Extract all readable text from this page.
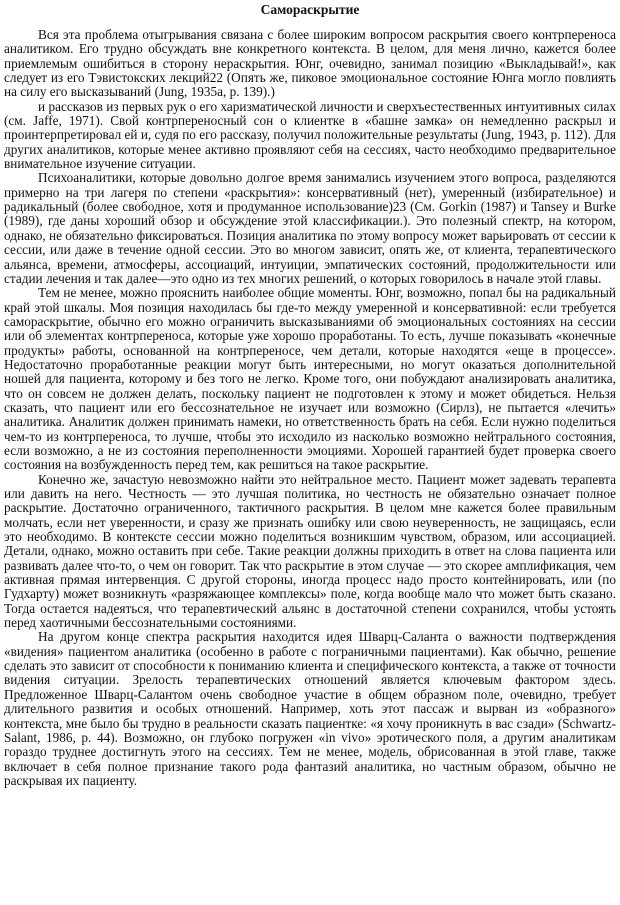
Самораскрытие

Вся эта проблема отыгрывания связана с более широким вопросом раскрытия своего контрпереноса аналитиком. Его трудно обсуждать вне конкретного контекста. В целом, для меня лично, кажется более приемлемым ошибиться в сторону нераскрытия. Юнг, очевидно, занимал позицию «Выкладывай!», как следует из его Тэвистокских лекций22 (Опять же, пиковое эмоциональное состояние Юнга могло повлиять на силу его высказываний (Jung, 1935a, p. 139).)

и рассказов из первых рук о его харизматической личности и сверхъестественных интуитивных силах (см. Jaffe, 1971). Свой контрпереносный сон о клиентке в «башне замка» он немедленно раскрыл и проинтерпретировал ей и, судя по его рассказу, получил положительные результаты (Jung, 1943, p. 112). Для других аналитиков, которые менее активно проявляют себя на сессиях, часто необходимо предварительное внимательное изучение ситуации.

Психоаналитики, которые довольно долгое время занимались изучением этого вопроса, разделяются примерно на три лагеря по степени «раскрытия»: консервативный (нет), умеренный (избирательное) и радикальный (более свободное, хотя и продуманное использование)23 (См. Gorkin (1987) и Tansey и Burke (1989), где даны хороший обзор и обсуждение этой классификации.). Это полезный спектр, на котором, однако, не обязательно фиксироваться. Позиция аналитика по этому вопросу может варьировать от сессии к сессии, или даже в течение одной сессии. Это во многом зависит, опять же, от клиента, терапевтического альянса, времени, атмосферы, ассоциаций, интуиции, эмпатических состояний, продолжительности или стадии лечения и так далее—это одно из тех многих решений, о которых говорилось в начале этой главы.

Тем не менее, можно прояснить наиболее общие моменты. Юнг, возможно, попал бы на радикальный край этой шкалы. Моя позиция находилась бы где-то между умеренной и консервативной: если требуется самораскрытие, обычно его можно ограничить высказываниями об эмоциональных состояниях на сессии или об элементах контрпереноса, которые уже хорошо проработаны. То есть, лучше показывать «конечные продукты» работы, основанной на контрпереносе, чем детали, которые находятся «еще в процессе». Недостаточно проработанные реакции могут быть интересными, но могут оказаться дополнительной ношей для пациента, которому и без того не легко. Кроме того, они побуждают анализировать аналитика, что он совсем не должен делать, поскольку пациент не подготовлен к этому и может обидеться. Нельзя сказать, что пациент или его бессознательное не изучает или возможно (Сирлз), не пытается «лечить» аналитика. Аналитик должен принимать намеки, но ответственность брать на себя. Если нужно поделиться чем-то из контрпереноса, то лучше, чтобы это исходило из насколько возможно нейтрального состояния, если возможно, а не из состояния переполненности эмоциями. Хорошей гарантией будет проверка своего состояния на возбужденность перед тем, как решиться на такое раскрытие.

Конечно же, зачастую невозможно найти это нейтральное место. Пациент может задевать терапевта или давить на него. Честность — это лучшая политика, но честность не обязательно означает полное раскрытие. Достаточно ограниченного, тактичного раскрытия. В целом мне кажется более правильным молчать, если нет уверенности, и сразу же признать ошибку или свою неуверенность, не защищаясь, если это необходимо. В контексте сессии можно поделиться возникшим чувством, образом, или ассоциацией. Детали, однако, можно оставить при себе. Такие реакции должны приходить в ответ на слова пациента или развивать далее что-то, о чем он говорит. Так что раскрытие в этом случае — это скорее амплификация, чем активная прямая интервенция. С другой стороны, иногда процесс надо просто контейнировать, или (по Гудхарту) может возникнуть «разряжающее комплексы» поле, когда вообще мало что может быть сказано. Тогда остается надеяться, что терапевтический альянс в достаточной степени сохранился, чтобы устоять перед хаотичными бессознательными состояниями.

На другом конце спектра раскрытия находится идея Шварц-Саланта о важности подтверждения «видения» пациентом аналитика (особенно в работе с пограничными пациентами). Как обычно, решение сделать это зависит от способности к пониманию клиента и специфического контекста, а также от точности видения ситуации. Зрелость терапевтических отношений является ключевым фактором здесь. Предложенное Шварц-Салантом очень свободное участие в общем образном поле, очевидно, требует длительного развития и особых отношений. Например, хоть этот пассаж и вырван из «образного» контекста, мне было бы трудно в реальности сказать пациентке: «я хочу проникнуть в вас сзади» (Schwartz-Salant, 1986, p. 44). Возможно, он глубоко погружен «in vivo» эротического поля, а другим аналитикам гораздо труднее достигнуть этого на сессиях. Тем не менее, модель, обрисованная в этой главе, также включает в себя полное признание такого рода фантазий аналитика, но частным образом, обычно не раскрывая их пациенту.
